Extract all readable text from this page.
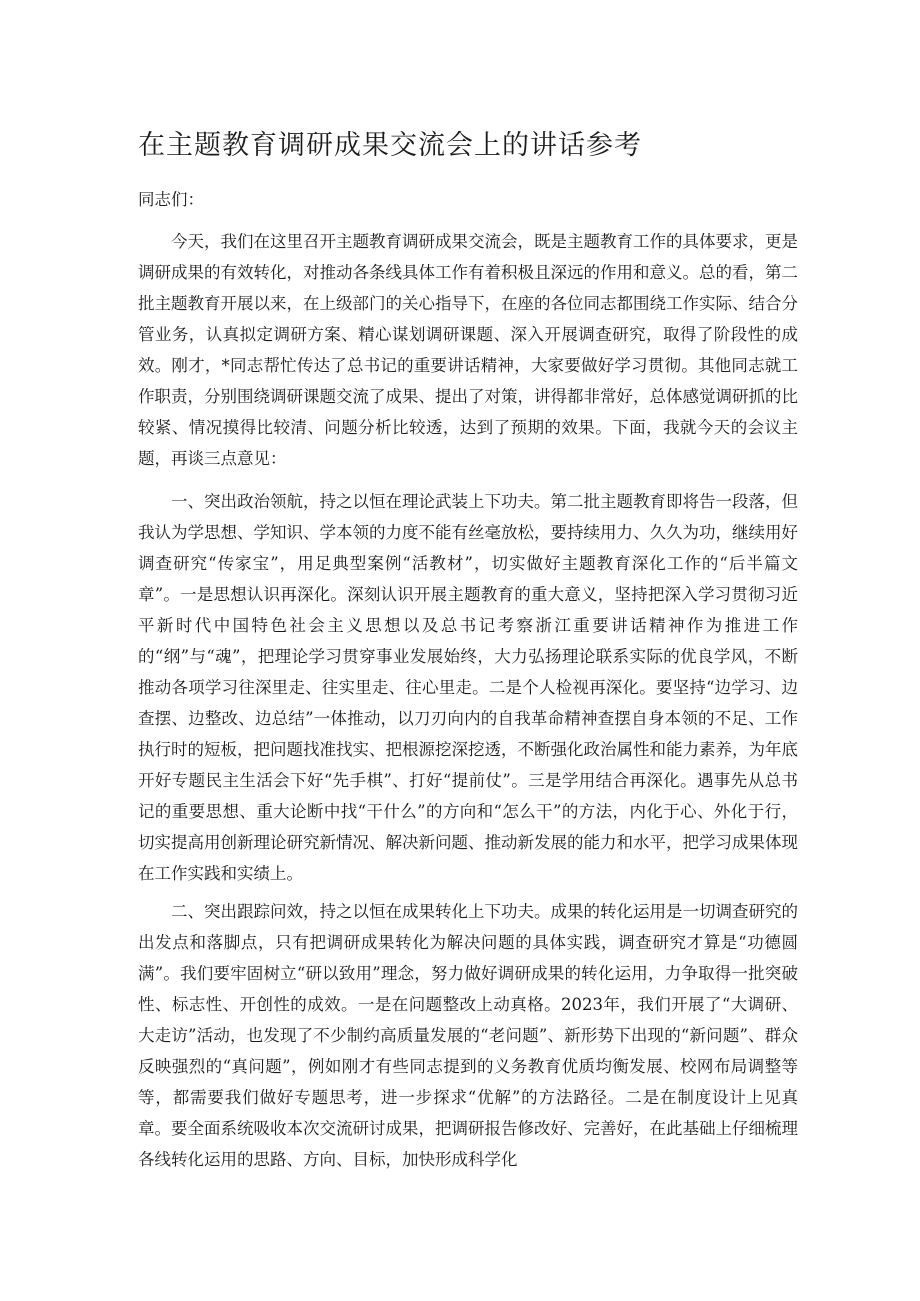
在主题教育调研成果交流会上的讲话参考

同志们：

今天，我们在这里召开主题教育调研成果交流会，既是主题教育工作的具体要求，更是调研成果的有效转化，对推动各条线具体工作有着积极且深远的作用和意义。总的看，第二批主题教育开展以来，在上级部门的关心指导下，在座的各位同志都围绕工作实际、结合分管业务，认真拟定调研方案、精心谋划调研课题、深入开展调查研究，取得了阶段性的成效。刚才，*同志帮忙传达了总书记的重要讲话精神，大家要做好学习贯彻。其他同志就工作职责，分别围绕调研课题交流了成果、提出了对策，讲得都非常好，总体感觉调研抓的比较紧、情况摸得比较清、问题分析比较透，达到了预期的效果。下面，我就今天的会议主题，再谈三点意见：

一、突出政治领航，持之以恒在理论武装上下功夫。第二批主题教育即将告一段落，但我认为学思想、学知识、学本领的力度不能有丝毫放松，要持续用力、久久为功，继续用好调查研究“传家宝”，用足典型案例“活教材”，切实做好主题教育深化工作的“后半篇文章”。一是思想认识再深化。深刻认识开展主题教育的重大意义，坚持把深入学习贯彻习近平新时代中国特色社会主义思想以及总书记考察浙江重要讲话精神作为推进工作的“纲”与“魂”，把理论学习贯穿事业发展始终，大力弘扬理论联系实际的优良学风，不断推动各项学习往深里走、往实里走、往心里走。二是个人检视再深化。要坚持“边学习、边查摆、边整改、边总结”一体推动，以刀刃向内的自我革命精神查摆自身本领的不足、工作执行时的短板，把问题找准找实、把根源挖深挖透，不断强化政治属性和能力素养，为年底开好专题民主生活会下好“先手棋”、打好“提前仗”。三是学用结合再深化。遇事先从总书记的重要思想、重大论断中找“干什么”的方向和“怎么干”的方法，内化于心、外化于行，切实提高用创新理论研究新情况、解决新问题、推动新发展的能力和水平，把学习成果体现在工作实践和实绩上。

二、突出跟踪问效，持之以恒在成果转化上下功夫。成果的转化运用是一切调查研究的出发点和落脚点，只有把调研成果转化为解决问题的具体实践，调查研究才算是“功德圆满”。我们要牢固树立“研以致用”理念，努力做好调研成果的转化运用，力争取得一批突破性、标志性、开创性的成效。一是在问题整改上动真格。2023年，我们开展了“大调研、大走访”活动，也发现了不少制约高质量发展的“老问题”、新形势下出现的“新问题”、群众反映强烈的“真问题”，例如刚才有些同志提到的义务教育优质均衡发展、校网布局调整等等，都需要我们做好专题思考，进一步探求“优解”的方法路径。二是在制度设计上见真章。要全面系统吸收本次交流研讨成果，把调研报告修改好、完善好，在此基础上仔细梳理各线转化运用的思路、方向、目标，加快形成科学化
